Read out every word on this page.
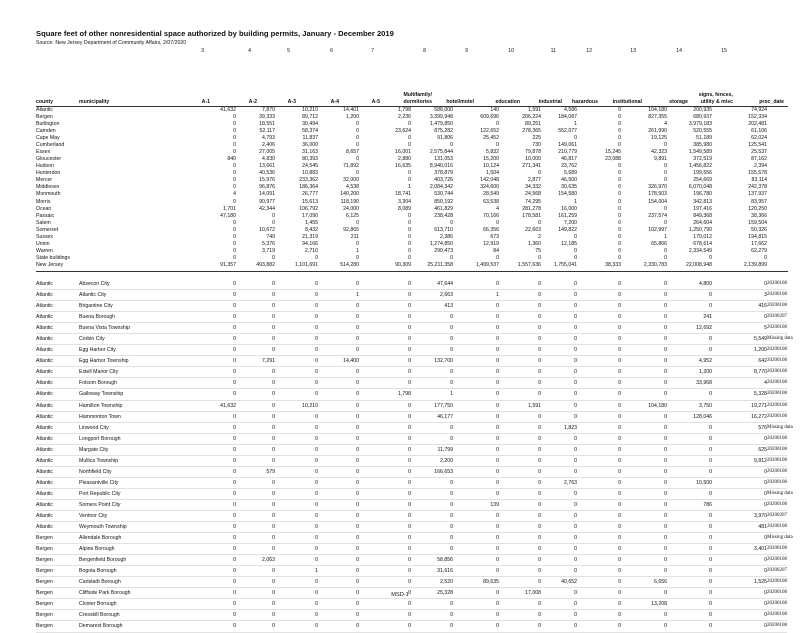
Square feet of other nonresidential space authorized by building permits, January - December 2019
Source: New Jersey Department of Community Affairs, 2/07/2020
3	4	5	6	7	8	9	10	11	12	13	14	15
county	municipality	proc_date
A-1	A-2	A-3	A-4	A-5
Multifamily/
dormitories	hotel/motel	education	industrial hazardous	institutional	storage
signs, fences,
utility & misc
Atlantic		41,632	7,870	10,210	14,401	1,798	588,000	140	1,591	4,586	0	104,180	200,935	74,924	
Bergen		0	39,333	89,712	1,200	2,236	3,399,948	609,696	206,224	184,087	0	827,355	680,937	152,334	
Burlington		0	18,551	30,494	0	0	1,479,850	0	89,251	1	0	4	3,979,183	202,481	
Camden		0	52,117	58,374	0	23,624	875,282	122,652	278,365	552,077	0	261,990	520,555	61,106	
Cape May		0	4,793	11,837	0	0	91,806	25,452	225	0	0	19,125	51,189	62,024	
Cumberland		0	2,406	36,000	0	0	0	0	730	149,061	0	0	385,980	125,541	
Essex		0	27,005	31,163	8,657	16,001	2,575,844	5,832	79,878	210,779	15,245	42,323	1,549,589	25,537	
Gloucester		840	4,830	80,393	0	2,880	131,053	15,200	10,000	46,817	23,088	9,891	372,519	87,162	
Hudson		0	13,661	24,545	71,892	16,635	8,940,016	10,124	271,341	23,762	0	0	1,456,822	2,394	
Hunterdon		0	40,536	10,883	0	0	378,879	1,504	0	5,689	0	0	199,556	155,578	
Mercer		0	15,976	233,362	32,000	0	403,726	142,048	2,877	46,500	0	0	254,669	83,114	
Middlesex		0	96,876	186,364	4,538	1	2,084,342	324,600	34,332	30,635	0	326,970	6,070,048	242,378	
Monmouth		4	14,091	26,777	140,200	18,741	530,744	28,549	24,568	154,580	0	178,503	196,780	137,937	
Morris		0	90,977	15,613	118,190	3,304	850,192	63,538	74,295	1	0	154,004	342,813	83,957	
Ocean		1,701	42,344	106,792	24,000	8,089	461,829	4	281,278	16,000	0	0	197,416	120,250	
Passaic		47,180	0	17,090	6,125	0	238,428	70,166	178,581	161,259	0	237,574	849,368	38,366	
Salem		0	0	1,455	0	0	0	0	0	7,200	0	0	264,604	159,504	
Somerset		0	10,672	8,432	92,865	0	613,710	66,356	22,663	149,822	0	102,997	1,250,790	50,326	
Sussex		0	749	21,319	211	0	2,386	673	2	0	0	1	170,012	194,815	
Union		0	5,376	94,166	0	0	1,274,850	12,919	1,360	12,185	0	65,866	678,614	17,662	
Warren		0	3,719	2,710	1	0	290,473	84	75	0	0	0	2,334,549	62,279	
State buildings		0	0	0	0	0	0	0	0	0	0	0	0	0	
New Jersey		91,357	493,882	1,101,691	514,280	90,309	25,211,358	1,499,537	1,557,636	1,755,041	38,333	2,330,783	22,008,948	2,139,899	
Atlantic	Absecon City	0	0	0	0	0	47,644	0	0	0	0	0	4,800	0	20200108
Atlantic	Atlantic City	0	0	0	1	0	2,663	1	0	0	0	0	0	3	20200108
Atlantic	Brigantine City	0	0	0	0	0	413	0	0	0	0	0	0	416	20200108
Atlantic	Buena Borough	0	0	0	0	0	0	0	0	0	0	0	241	0	20200207
Atlantic	Buena Vista Township	0	0	0	0	0	0	0	0	0	0	0	12,692	5	20200108
Atlantic	Corbin City	0	0	0	0	0	0	0	0	0	0	0	0	5,549	Missing data
Atlantic	Egg Harbor City	0	0	0	0	0	0	0	0	0	0	0	0	1,200	20200108
Atlantic	Egg Harbor Township	0	7,291	0	14,400	0	132,700	0	0	0	0	0	4,952	642	20200108
Atlantic	Estell Manor City	0	0	0	0	0	0	0	0	0	0	0	1,200	8,770	20200108
Atlantic	Folsom Borough	0	0	0	0	0	0	0	0	0	0	0	33,968	4	20200108
Atlantic	Galloway Township	0	0	0	0	1,798	1	0	0	0	0	0	0	5,328	20200108
Atlantic	Hamilton Township	41,632	0	10,210	0	0	177,750	0	1,591	0	0	104,180	3,750	19,271	20200108
Atlantic	Hammonton Town	0	0	0	0	0	46,177	0	0	0	0	0	128,046	16,272	20200108
Atlantic	Linwood City	0	0	0	0	0	0	0	0	1,823	0	0	0	576	Missing data
Atlantic	Longport Borough	0	0	0	0	0	0	0	0	0	0	0	0	0	20200108
Atlantic	Margate City	0	0	0	0	0	11,799	0	0	0	0	0	0	625	20200108
Atlantic	Mullica Township	0	0	0	0	0	2,200	0	0	0	0	0	0	9,812	20200108
Atlantic	Northfield City	0	579	0	0	0	166,653	0	0	0	0	0	0	0	20200108
Atlantic	Pleasantville City	0	0	0	0	0	0	0	0	2,763	0	0	10,500	0	20200108
Atlantic	Port Republic City	0	0	0	0	0	0	0	0	0	0	0	0	0	Missing data
Atlantic	Somers Point City	0	0	0	0	0	0	139	0	0	0	0	786	0	20200108
Atlantic	Ventnor City	0	0	0	0	0	0	0	0	0	0	0	0	3,970	20200207
Atlantic	Weymouth Township	0	0	0	0	0	0	0	0	0	0	0	0	481	20200108
Bergen	Allendale Borough	0	0	0	0	0	0	0	0	0	0	0	0	0	Missing data
Bergen	Alpine Borough	0	0	0	0	0	0	0	0	0	0	0	0	3,401	20200108
Bergen	Bergenfield Borough	0	2,063	0	0	0	58,856	0	0	0	0	0	0	0	20200108
Bergen	Bogota Borough	0	0	1	0	0	31,616	0	0	0	0	0	0	0	20200207
Bergen	Carlstadt Borough	0	0	0	0	0	2,520	89,635	0	40,652	0	6,656	0	1,525	20200108
Bergen	Cliffside Park Borough	0	0	0	0	0	25,328	0	17,008	0	0	0	0	0	20200108
Bergen	Closter Borough	0	0	0	0	0	0	0	0	0	0	13,208	0	0	20200108
Bergen	Cresskill Borough	0	0	0	0	0	0	0	0	0	0	0	0	0	20200108
Bergen	Demarest Borough	0	0	0	0	0	0	0	0	0	0	0	0	0	20200108
MSD-1
